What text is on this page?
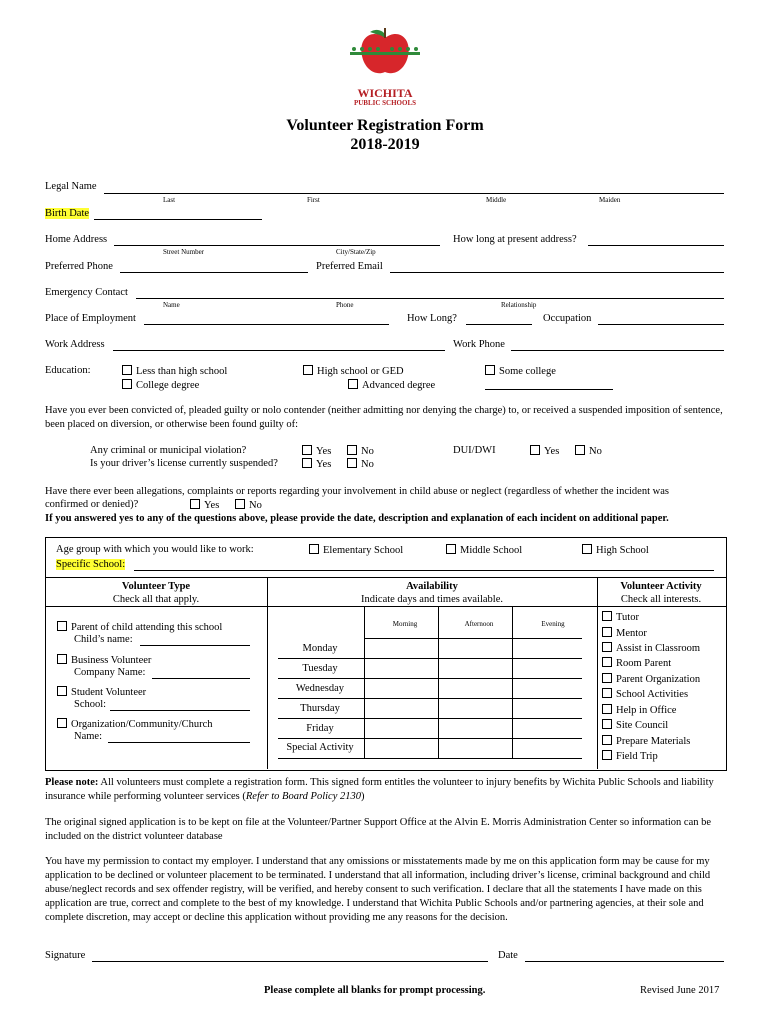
WICHITA
PUBLIC SCHOOLS
Volunteer Registration Form
2018-2019
Legal Name
Last	First	Middle	Maiden
Birth Date
Home Address
Street Number	City/State/Zip
How long at present address?
Preferred Phone	Preferred Email
Emergency Contact
Name	Phone	Relationship
Place of Employment	How Long?	Occupation
Work Address	Work Phone
Education:	Less than high school
College degree
High school or GED
Advanced degree
Some college
Have you ever been convicted of, pleaded guilty or nolo contender (neither admitting nor denying the charge) to, or received a suspended imposition of sentence, been placed on diversion, or otherwise been found guilty of:
Any criminal or municipal violation?
Is your driver’s license currently suspended?
Yes	No
Yes	No
DUI/DWI	Yes	No
Have there ever been allegations, complaints or reports regarding your involvement in child abuse or neglect (regardless of whether the incident was
confirmed or denied)?	Yes	No
If you answered yes to any of the questions above, please provide the date, description and explanation of each incident on additional paper.
Age group with which you would like to work:	Elementary School	Middle School	High School
Specific School:
Volunteer Type
Check all that apply.
Parent of child attending this school
Child’s name:
Business Volunteer
Company Name:
Student Volunteer
School:
Organization/Community/Church
Name:
Availability
Indicate days and times available.
Morning	Afternoon	Evening
Monday
Tuesday
Wednesday
Thursday
Friday
Special Activity
Volunteer Activity
Check all interests.
Tutor
Mentor
Assist in Classroom
Room Parent
Parent Organization
School Activities
Help in Office
Site Council
Prepare Materials
Field Trip
Please note: All volunteers must complete a registration form. This signed form entitles the volunteer to injury benefits by Wichita Public Schools and liability insurance while performing volunteer services (Refer to Board Policy 2130)
The original signed application is to be kept on file at the Volunteer/Partner Support Office at the Alvin E. Morris Administration Center so information can be included on the district volunteer database
You have my permission to contact my employer. I understand that any omissions or misstatements made by me on this application form may be cause for my application to be declined or volunteer placement to be terminated. I understand that all information, including driver’s license, criminal background and child abuse/neglect records and sex offender registry, will be verified, and hereby consent to such verification. I declare that all the statements I have made on this application are true, correct and complete to the best of my knowledge. I understand that Wichita Public Schools and/or partnering agencies, at their sole and complete discretion, may accept or decline this application without providing me any reasons for the decision.
Signature	Date
Please complete all blanks for prompt processing.	Revised June 2017
